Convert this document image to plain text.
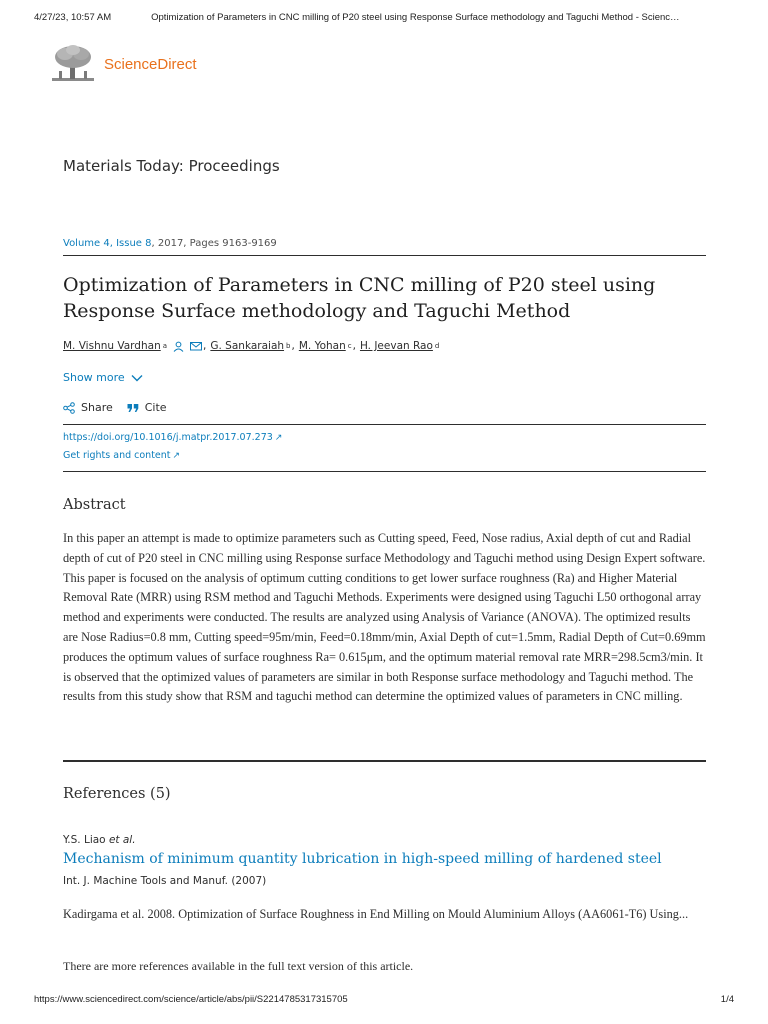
4/27/23, 10:57 AM	Optimization of Parameters in CNC milling of P20 steel using Response Surface methodology and Taguchi Method - Scienc…
ScienceDirect
Materials Today: Proceedings
Volume 4, Issue 8, 2017, Pages 9163-9169
Optimization of Parameters in CNC milling of P20 steel using Response Surface methodology and Taguchi Method
M. Vishnu Vardhan a	, G. Sankaraiah b , M. Yohan c , H. Jeevan Rao d
Show more
Share	Cite
https://doi.org/10.1016/j.matpr.2017.07.273 ↗
Get rights and content ↗
Abstract
In this paper an attempt is made to optimize parameters such as Cutting speed, Feed, Nose radius, Axial depth of cut and Radial depth of cut of P20 steel in CNC milling using Response surface Methodology and Taguchi method using Design Expert software. This paper is focused on the analysis of optimum cutting conditions to get lower surface roughness (Ra) and Higher Material Removal Rate (MRR) using RSM method and Taguchi Methods. Experiments were designed using Taguchi L50 orthogonal array method and experiments were conducted. The results are analyzed using Analysis of Variance (ANOVA). The optimized results are Nose Radius=0.8 mm, Cutting speed=95m/min, Feed=0.18mm/min, Axial Depth of cut=1.5mm, Radial Depth of Cut=0.69mm produces the optimum values of surface roughness Ra= 0.615μm, and the optimum material removal rate MRR=298.5cm3/min. It is observed that the optimized values of parameters are similar in both Response surface methodology and Taguchi method. The results from this study show that RSM and taguchi method can determine the optimized values of parameters in CNC milling.
References (5)
Y.S. Liao et al.
Mechanism of minimum quantity lubrication in high-speed milling of hardened steel
Int. J. Machine Tools and Manuf. (2007)
Kadirgama et al. 2008. Optimization of Surface Roughness in End Milling on Mould Aluminium Alloys (AA6061-T6) Using...
There are more references available in the full text version of this article.
https://www.sciencedirect.com/science/article/abs/pii/S2214785317315705	1/4
